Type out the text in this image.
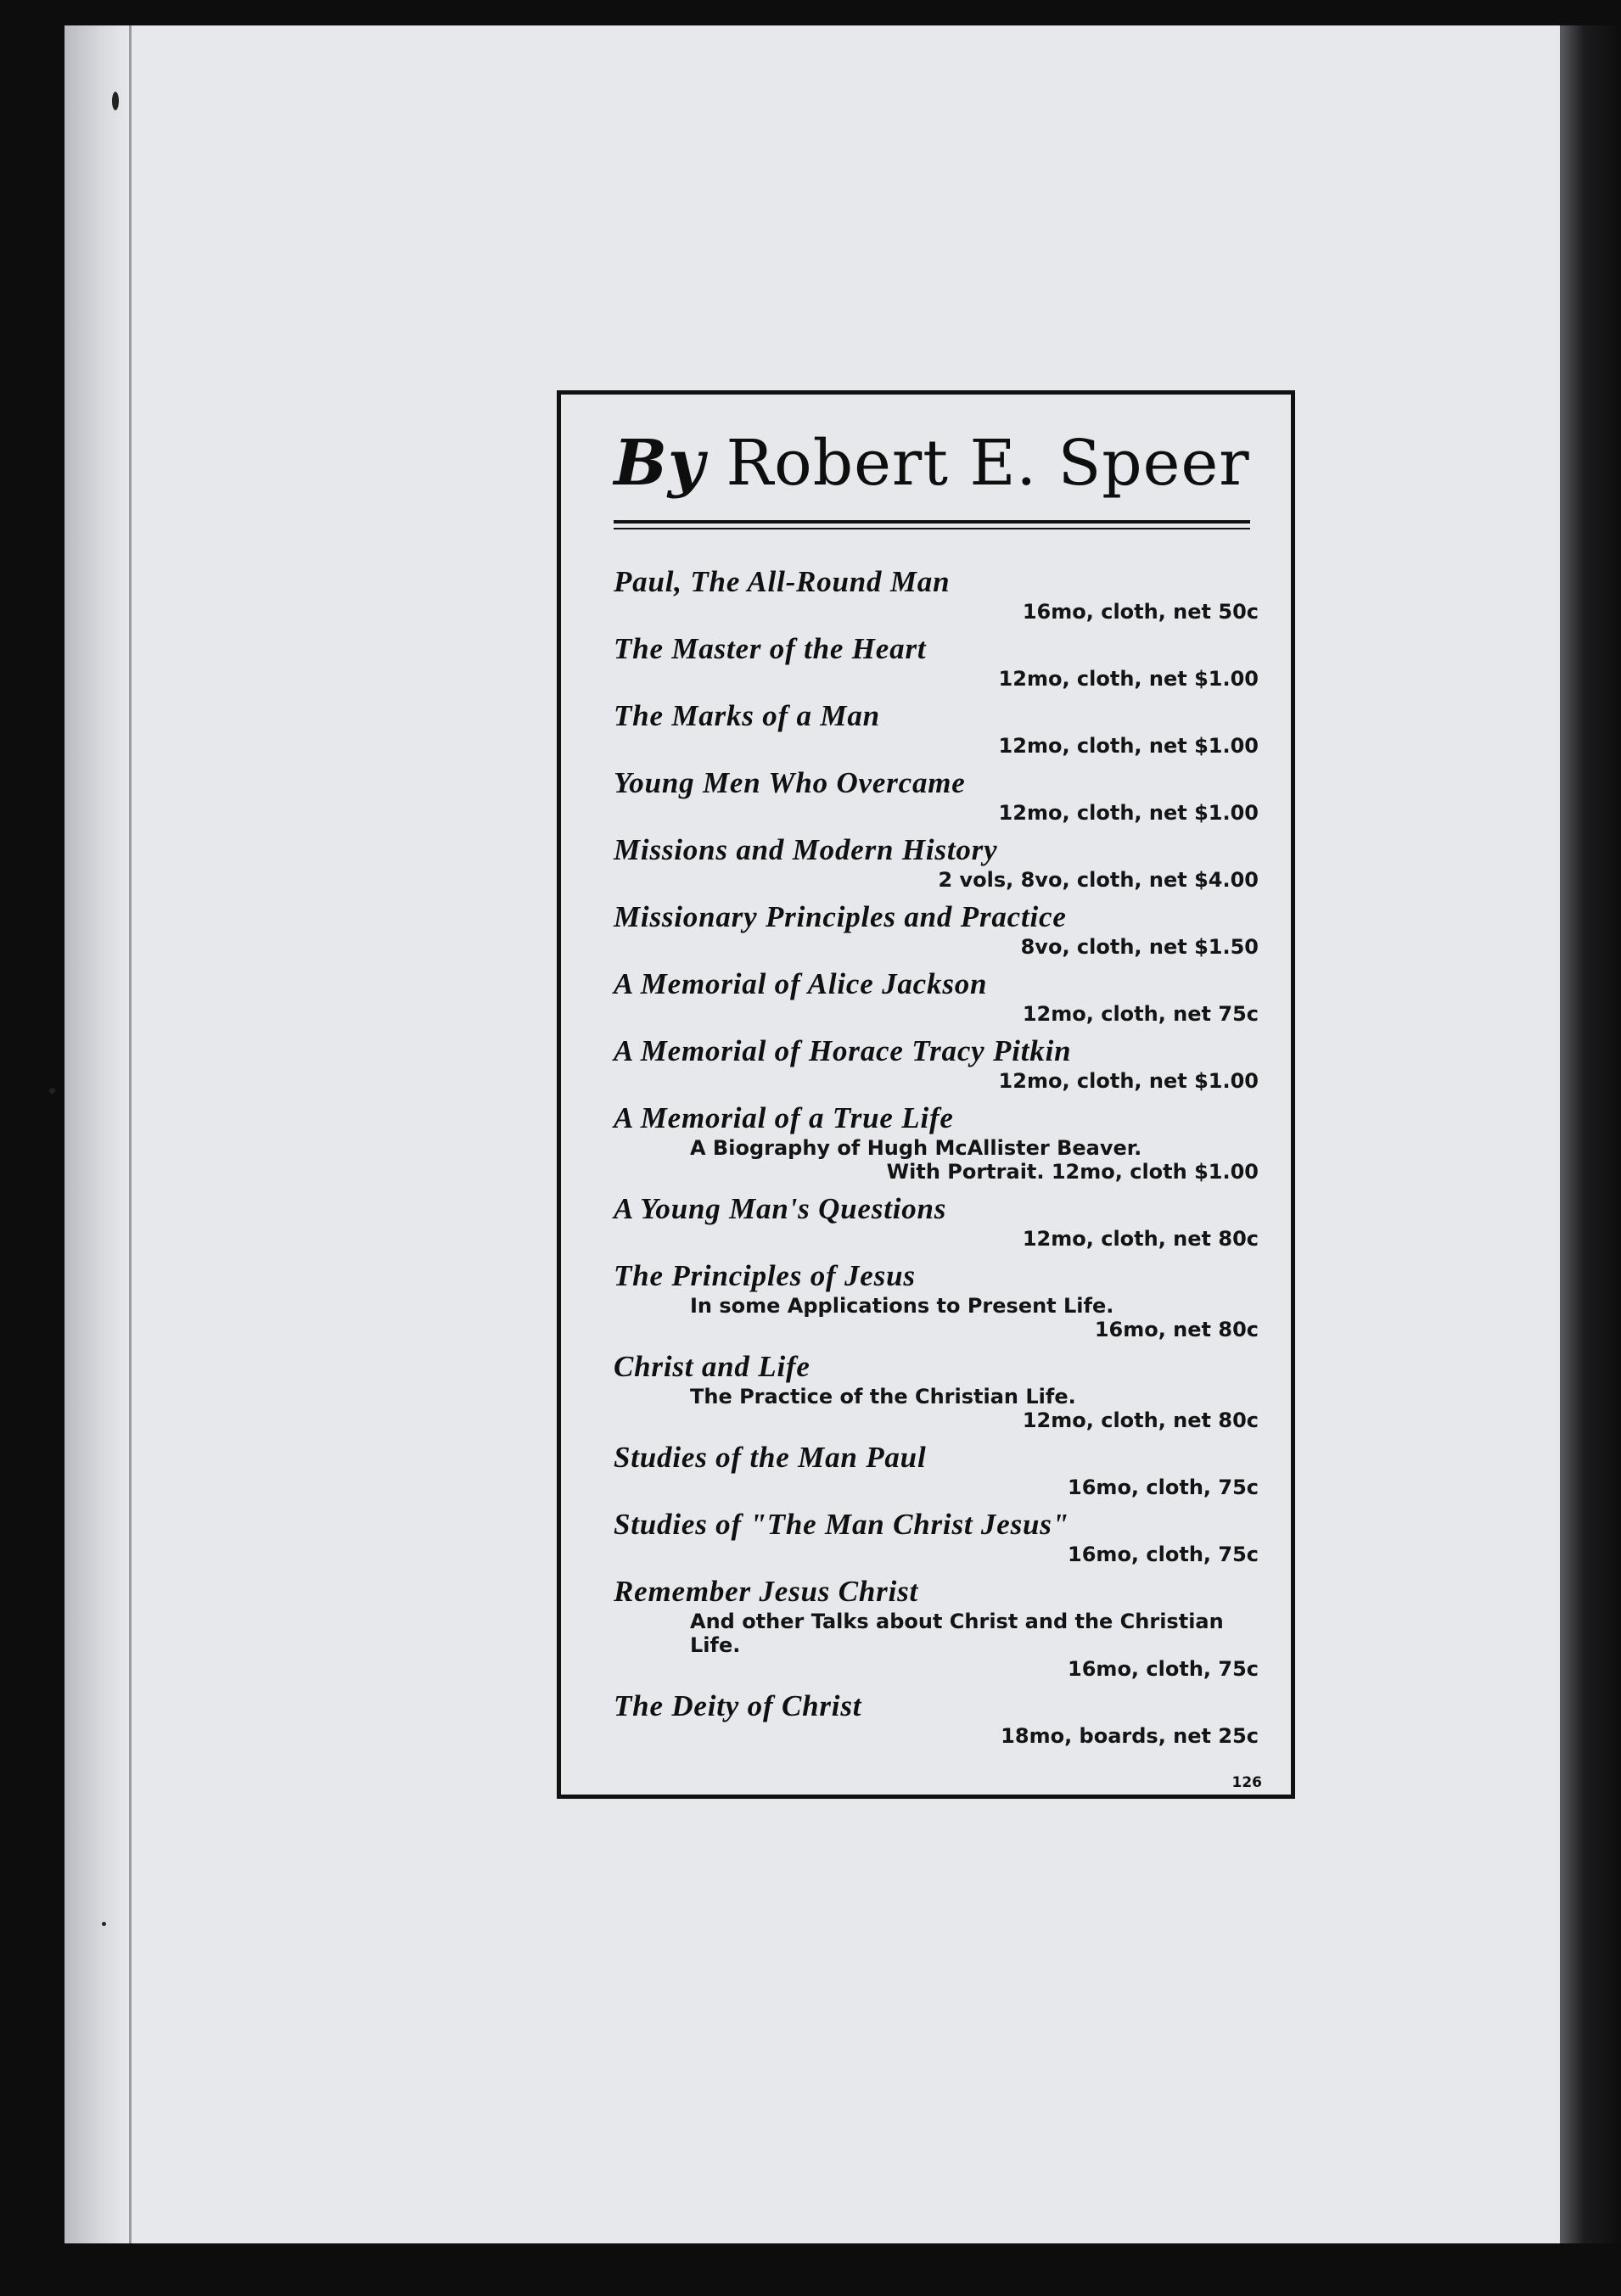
By Robert E. Speer
Paul, The All-Round Man
16mo, cloth, net 50c
The Master of the Heart
12mo, cloth, net $1.00
The Marks of a Man
12mo, cloth, net $1.00
Young Men Who Overcame
12mo, cloth, net $1.00
Missions and Modern History
2 vols, 8vo, cloth, net $4.00
Missionary Principles and Practice
8vo, cloth, net $1.50
A Memorial of Alice Jackson
12mo, cloth, net 75c
A Memorial of Horace Tracy Pitkin
12mo, cloth, net $1.00
A Memorial of a True Life
A Biography of Hugh McAllister Beaver.
With Portrait. 12mo, cloth $1.00
A Young Man's Questions
12mo, cloth, net 80c
The Principles of Jesus
In some Applications to Present Life.
16mo, net 80c
Christ and Life
The Practice of the Christian Life.
12mo, cloth, net 80c
Studies of the Man Paul
16mo, cloth, 75c
Studies of "The Man Christ Jesus"
16mo, cloth, 75c
Remember Jesus Christ
And other Talks about Christ and the Christian Life.
16mo, cloth, 75c
The Deity of Christ
18mo, boards, net 25c
126
